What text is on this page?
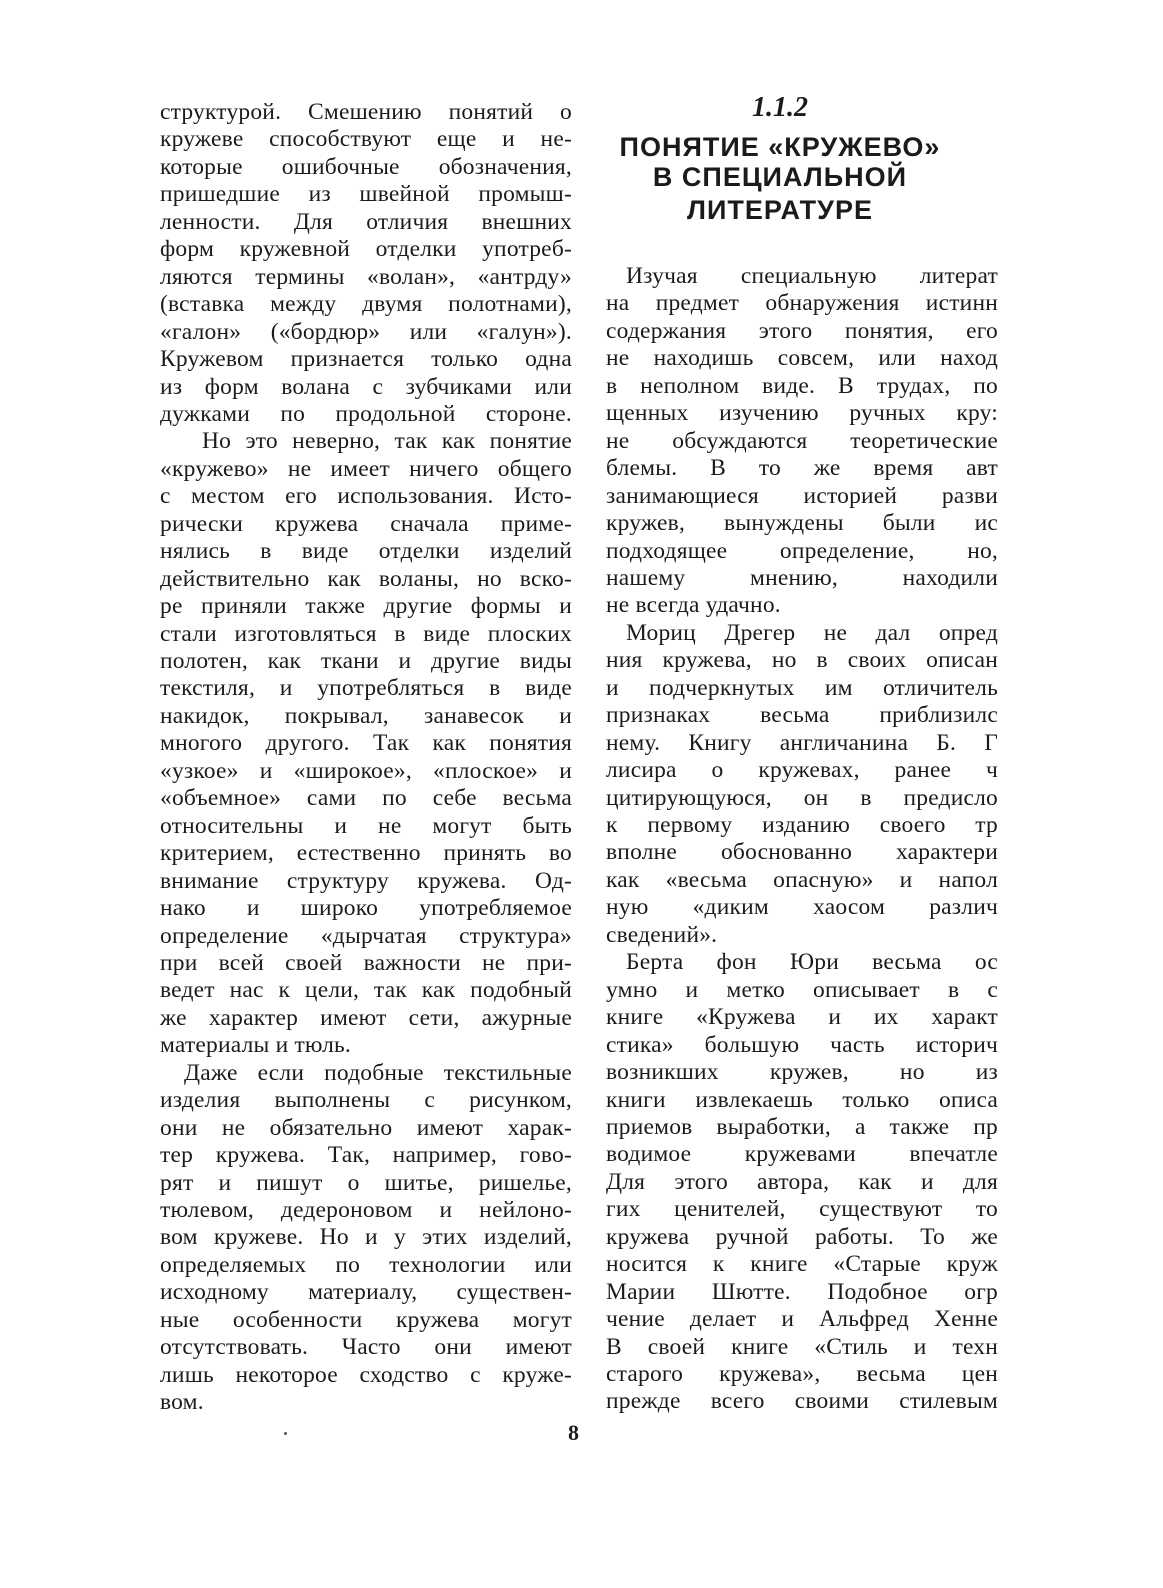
структурой. Смешению понятий о
кружеве способствуют еще и не-
которые ошибочные обозначения,
пришедшие из швейной промыш-
ленности. Для отличия внешних
форм кружевной отделки употреб-
ляются термины «волан», «антрду»
(вставка между двумя полотнами),
«галон» («бордюр» или «галун»).
Кружевом признается только одна
из форм волана с зубчиками или
дужками по продольной стороне.
Но это неверно, так как понятие
«кружево» не имеет ничего общего
с местом его использования. Исто-
рически кружева сначала приме-
нялись в виде отделки изделий
действительно как воланы, но вско-
ре приняли также другие формы и
стали изготовляться в виде плоских
полотен, как ткани и другие виды
текстиля, и употребляться в виде
накидок, покрывал, занавесок и
многого другого. Так как понятия
«узкое» и «широкое», «плоское» и
«объемное» сами по себе весьма
относительны и не могут быть
критерием, естественно принять во
внимание структуру кружева. Од-
нако и широко употребляемое
определение «дырчатая структура»
при всей своей важности не при-
ведет нас к цели, так как подобный
же характер имеют сети, ажурные
материалы и тюль.
Даже если подобные текстильные
изделия выполнены с рисунком,
они не обязательно имеют харак-
тер кружева. Так, например, гово-
рят и пишут о шитье, ришелье,
тюлевом, дедероновом и нейлоно-
вом кружеве. Но и у этих изделий,
определяемых по технологии или
исходному материалу, существен-
ные особенности кружева могут
отсутствовать. Часто они имеют
лишь некоторое сходство с круже-
вом.
1.1.2
ПОНЯТИЕ «КРУЖЕВО»
В СПЕЦИАЛЬНОЙ
ЛИТЕРАТУРЕ
Изучая специальную литерат
на предмет обнаружения истинн
содержания этого понятия, его
не находишь совсем, или наход
в неполном виде. В трудах, по
щенных изучению ручных кру:
не обсуждаются теоретические
блемы. В то же время авт
занимающиеся историей разви
кружев, вынуждены были ис
подходящее определение, но,
нашему мнению, находили
не всегда удачно.
Мориц Дрегер не дал опред
ния кружева, но в своих описан
и подчеркнутых им отличитель
признаках весьма приблизилс
нему. Книгу англичанина Б. Г
лисира о кружевах, ранее ч
цитирующуюся, он в предисло
к первому изданию своего тр
вполне обоснованно характери
как «весьма опасную» и напол
ную «диким хаосом различ
сведений».
Берта фон Юри весьма ос
умно и метко описывает в с
книге «Кружева и их характ
стика» большую часть историч
возникших кружев, но из
книги извлекаешь только описа
приемов выработки, а также пр
водимое кружевами впечатле
Для этого автора, как и для
гих ценителей, существуют то
кружева ручной работы. То же
носится к книге «Старые круж
Марии Шютте. Подобное огр
чение делает и Альфред Хенне
В своей книге «Стиль и техн
старого кружева», весьма цен
прежде всего своими стилевым
8
